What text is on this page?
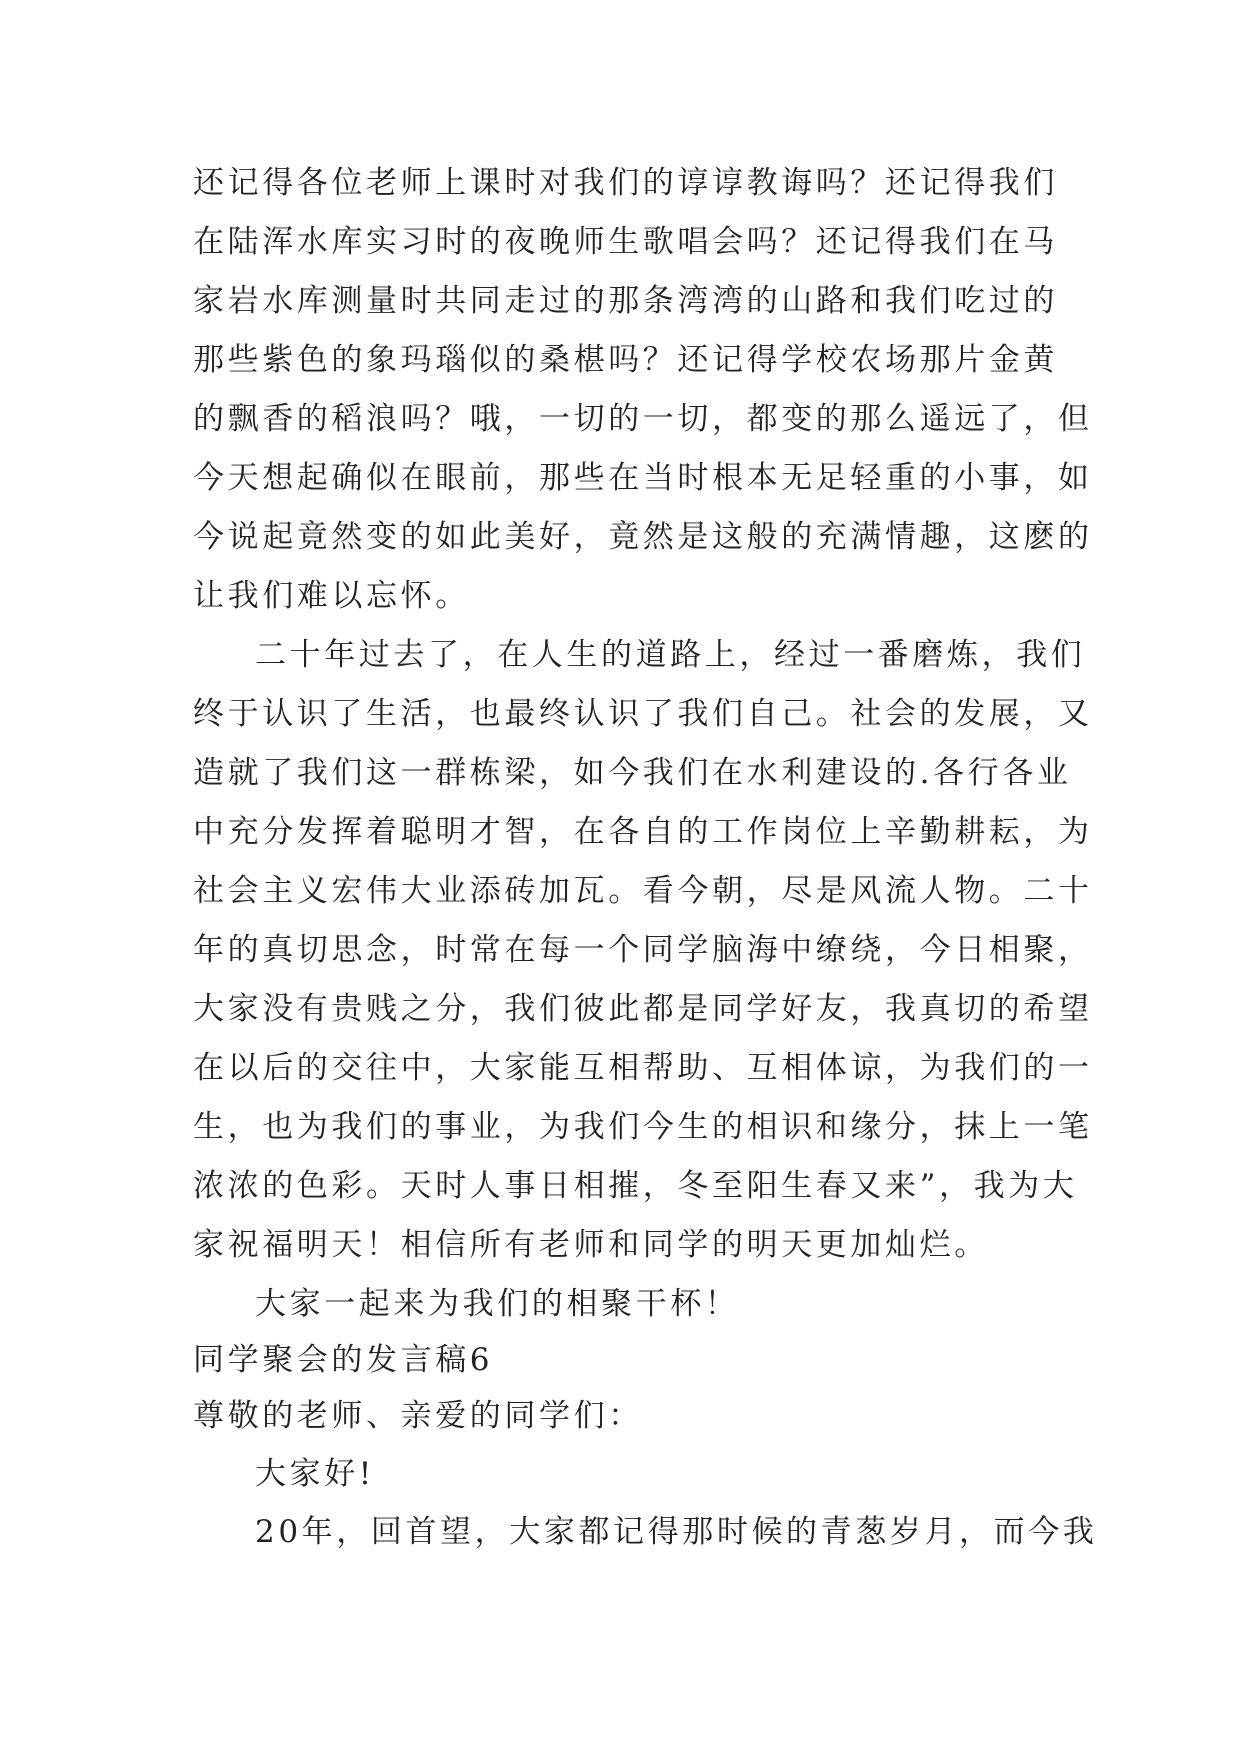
还记得各位老师上课时对我们的谆谆教诲吗？还记得我们
在陆浑水库实习时的夜晚师生歌唱会吗？还记得我们在马
家岩水库测量时共同走过的那条湾湾的山路和我们吃过的
那些紫色的象玛瑙似的桑椹吗？还记得学校农场那片金黄
的飘香的稻浪吗？哦，一切的一切，都变的那么遥远了，但
今天想起确似在眼前，那些在当时根本无足轻重的小事，如
今说起竟然变的如此美好，竟然是这般的充满情趣，这麽的
让我们难以忘怀。
二十年过去了，在人生的道路上，经过一番磨炼，我们
终于认识了生活，也最终认识了我们自己。社会的发展，又
造就了我们这一群栋梁，如今我们在水利建设的.各行各业
中充分发挥着聪明才智，在各自的工作岗位上辛勤耕耘，为
社会主义宏伟大业添砖加瓦。看今朝，尽是风流人物。二十
年的真切思念，时常在每一个同学脑海中缭绕，今日相聚，
大家没有贵贱之分，我们彼此都是同学好友，我真切的希望
在以后的交往中，大家能互相帮助、互相体谅，为我们的一
生，也为我们的事业，为我们今生的相识和缘分，抹上一笔
浓浓的色彩。天时人事日相摧，冬至阳生春又来”，我为大
家祝福明天！相信所有老师和同学的明天更加灿烂。
大家一起来为我们的相聚干杯！
同学聚会的发言稿6
尊敬的老师、亲爱的同学们：
大家好!
20年，回首望，大家都记得那时候的青葱岁月，而今我
